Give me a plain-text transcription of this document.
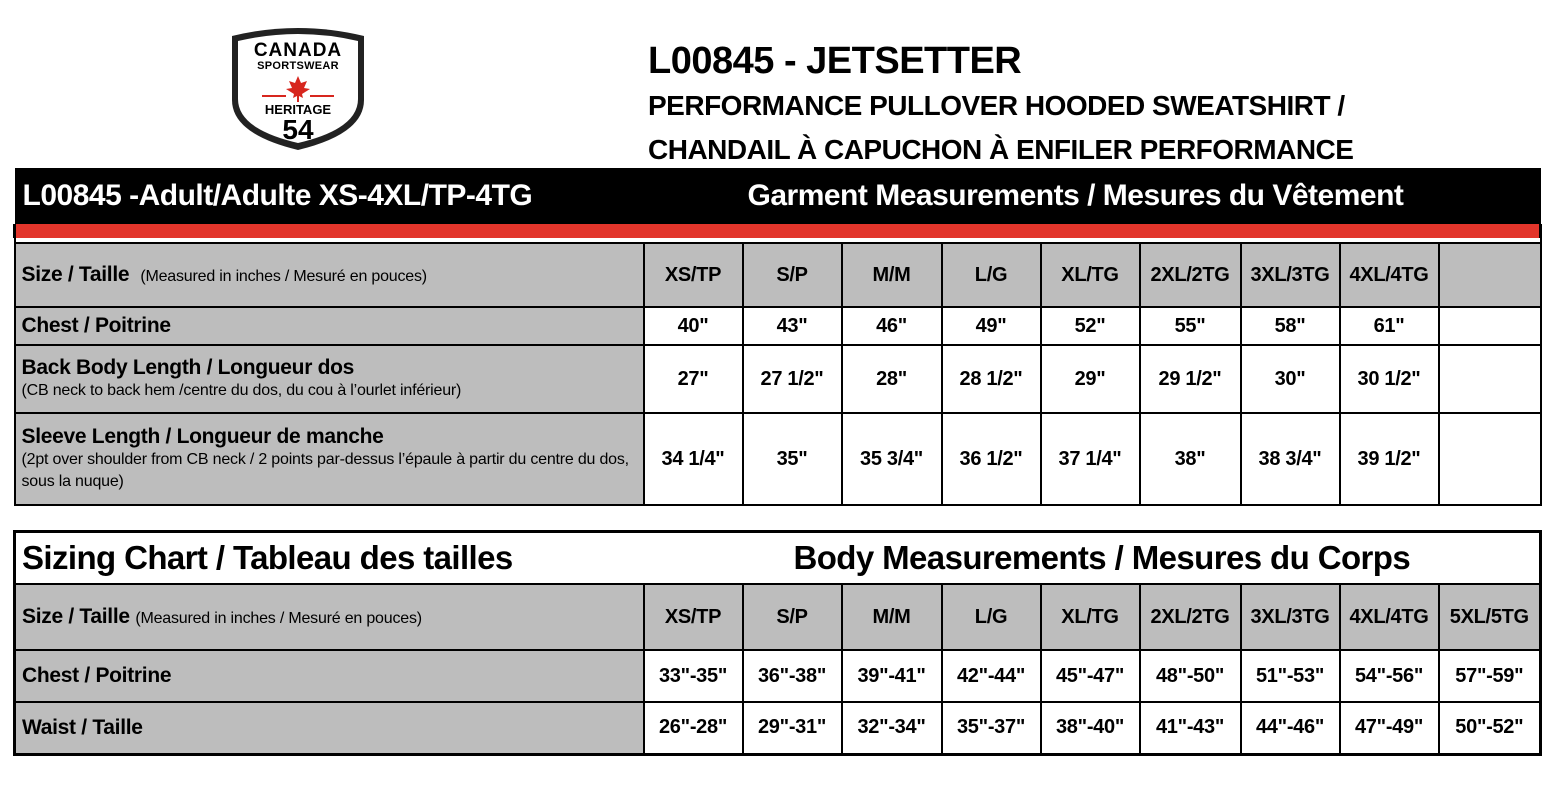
CANADA
SPORTSWEAR
HERITAGE
54
L00845 - JETSETTER
PERFORMANCE PULLOVER HOODED SWEATSHIRT /
CHANDAIL À CAPUCHON À ENFILER PERFORMANCE
L00845 -Adult/Adulte XS-4XL/TP-4TG	Garment Measurements / Mesures du Vêtement								

Size / Taille (Measured in inches / Mesuré en pouces)	XS/TP	S/P	M/M	L/G	XL/TG	2XL/2TG	3XL/3TG	4XL/4TG	
Chest / Poitrine	40"	43"	46"	49"	52"	55"	58"	61"	
Back Body Length / Longueur dos
(CB neck to back hem /centre du dos, du cou à l’ourlet inférieur)	27"	27 1/2"	28"	28 1/2"	29"	29 1/2"	30"	30 1/2"	
Sleeve Length / Longueur de manche
(2pt over shoulder from CB neck / 2 points par-dessus l’épaule à partir du centre du dos, sous la nuque)	34 1/4"	35"	35 3/4"	36 1/2"	37 1/4"	38"	38 3/4"	39 1/2"	
Sizing Chart / Tableau des tailles	Body Measurements / Mesures du Corps								
Size / Taille (Measured in inches / Mesuré en pouces)	XS/TP	S/P	M/M	L/G	XL/TG	2XL/2TG	3XL/3TG	4XL/4TG	5XL/5TG
Chest / Poitrine	33"-35"	36"-38"	39"-41"	42"-44"	45"-47"	48"-50"	51"-53"	54"-56"	57"-59"
Waist / Taille	26"-28"	29"-31"	32"-34"	35"-37"	38"-40"	41"-43"	44"-46"	47"-49"	50"-52"
